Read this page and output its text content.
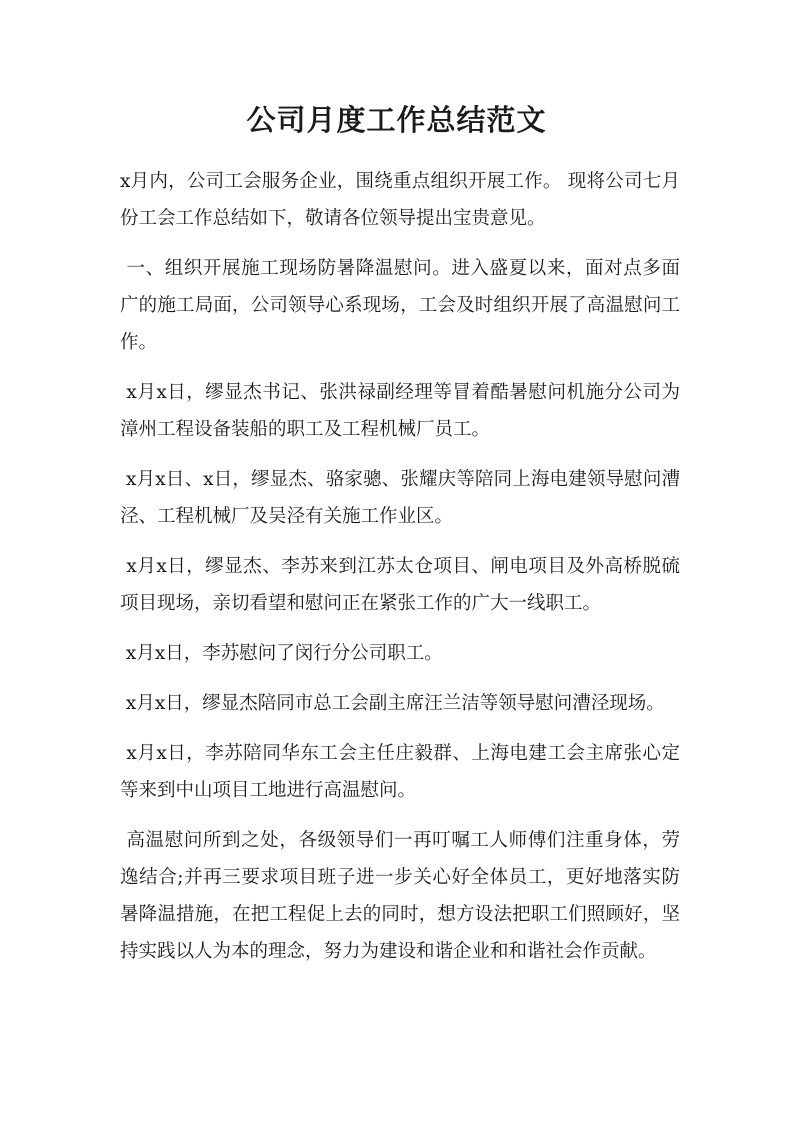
公司月度工作总结范文

x月内，公司工会服务企业，围绕重点组织开展工作。 现将公司七月份工会工作总结如下，敬请各位领导提出宝贵意见。

一、组织开展施工现场防暑降温慰问。进入盛夏以来，面对点多面广的施工局面，公司领导心系现场，工会及时组织开展了高温慰问工作。

x月x日，缪显杰书记、张洪禄副经理等冒着酷暑慰问机施分公司为漳州工程设备装船的职工及工程机械厂员工。

x月x日、x日，缪显杰、骆家骢、张耀庆等陪同上海电建领导慰问漕泾、工程机械厂及吴泾有关施工作业区。

x月x日，缪显杰、李苏来到江苏太仓项目、闸电项目及外高桥脱硫项目现场，亲切看望和慰问正在紧张工作的广大一线职工。

x月x日，李苏慰问了闵行分公司职工。

x月x日，缪显杰陪同市总工会副主席汪兰洁等领导慰问漕泾现场。

x月x日，李苏陪同华东工会主任庄毅群、上海电建工会主席张心定等来到中山项目工地进行高温慰问。

高温慰问所到之处，各级领导们一再叮嘱工人师傅们注重身体，劳逸结合;并再三要求项目班子进一步关心好全体员工，更好地落实防暑降温措施，在把工程促上去的同时，想方设法把职工们照顾好，坚持实践以人为本的理念，努力为建设和谐企业和和谐社会作贡献。
